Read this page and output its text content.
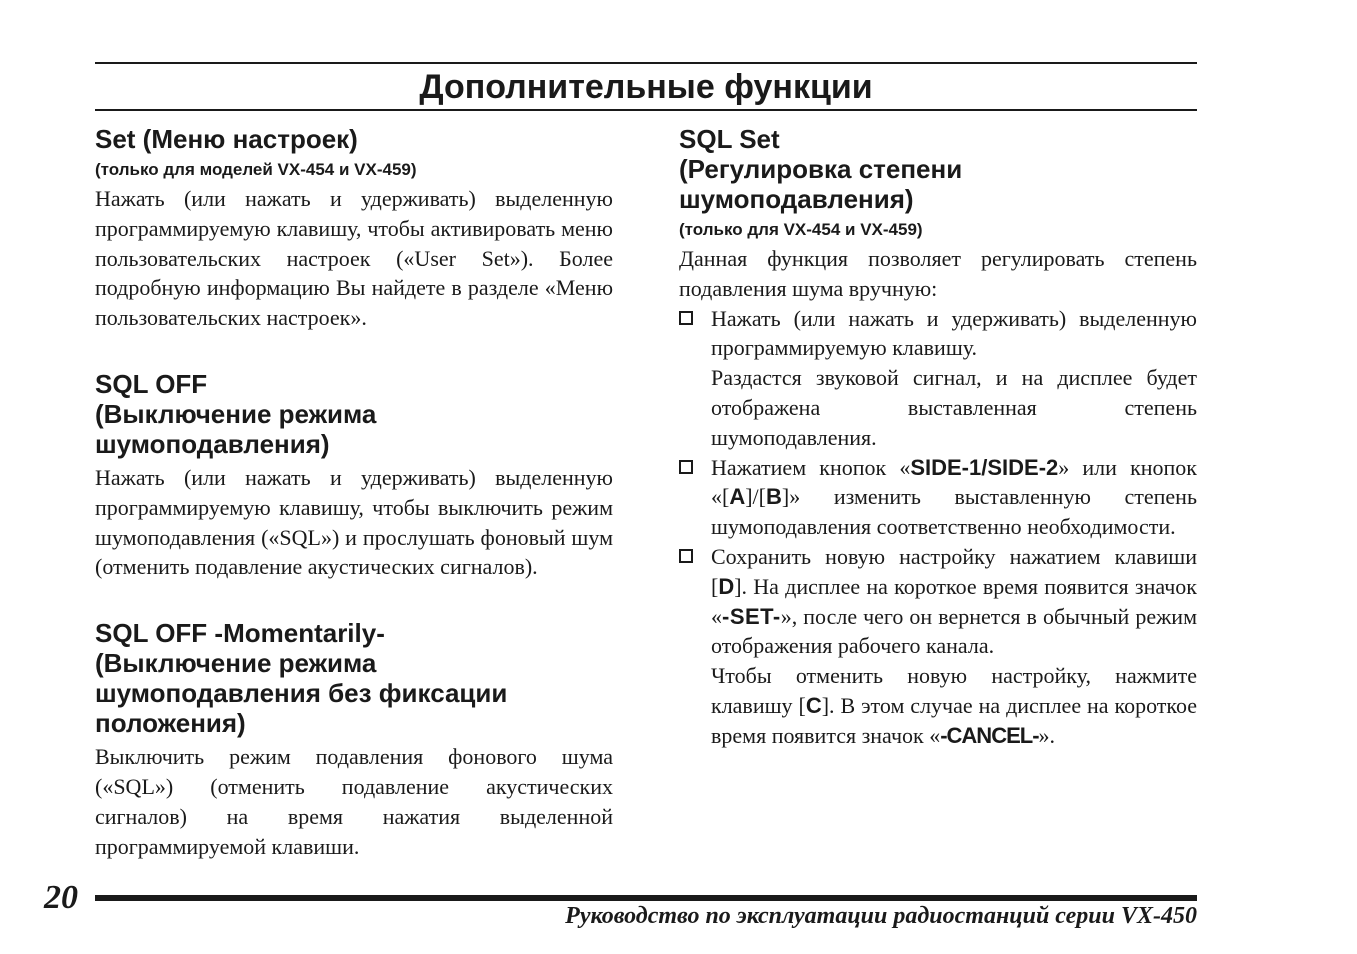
Дополнительные функции
Set (Меню настроек)
(только для моделей VX-454 и VX-459)

Нажать (или нажать и удерживать) выделенную программируемую клавишу, чтобы активировать меню пользовательских настроек («User Set»). Более подробную информацию Вы найдете в разделе «Меню пользовательских настроек».

SQL OFF
(Выключение режима
шумоподавления)

Нажать (или нажать и удерживать) выделенную программируемую клавишу, чтобы выключить режим шумоподавления («SQL») и прослушать фоновый шум (отменить подавление акустических сигналов).

SQL OFF -Momentarily-
(Выключение режима
шумоподавления без фиксации
положения)

Выключить режим подавления фонового шума («SQL») (отменить подавление акустических сигналов) на время нажатия выделенной программируемой клавиши.

SQL Set
(Регулировка степени
шумоподавления)
(только для VX-454 и VX-459)

Данная функция позволяет регулировать степень подавления шума вручную:

Нажать (или нажать и удерживать) выделенную программируемую клавишу.

Раздастся звуковой сигнал, и на дисплее будет отображена выставленная степень шумоподавления.

Нажатием кнопок «SIDE-1/SIDE-2» или кнопок «[A]/[B]» изменить выставленную степень шумоподавления соответственно необходимости.

Сохранить новую настройку нажатием клавиши [D]. На дисплее на короткое время появится значок «-SET-», после чего он вернется в обычный режим отображения рабочего канала.

Чтобы отменить новую настройку, нажмите клавишу [C]. В этом случае на дисплее на короткое время появится значок «-CANCEL-».

20	Руководство по эксплуатации радиостанций серии VX-450
